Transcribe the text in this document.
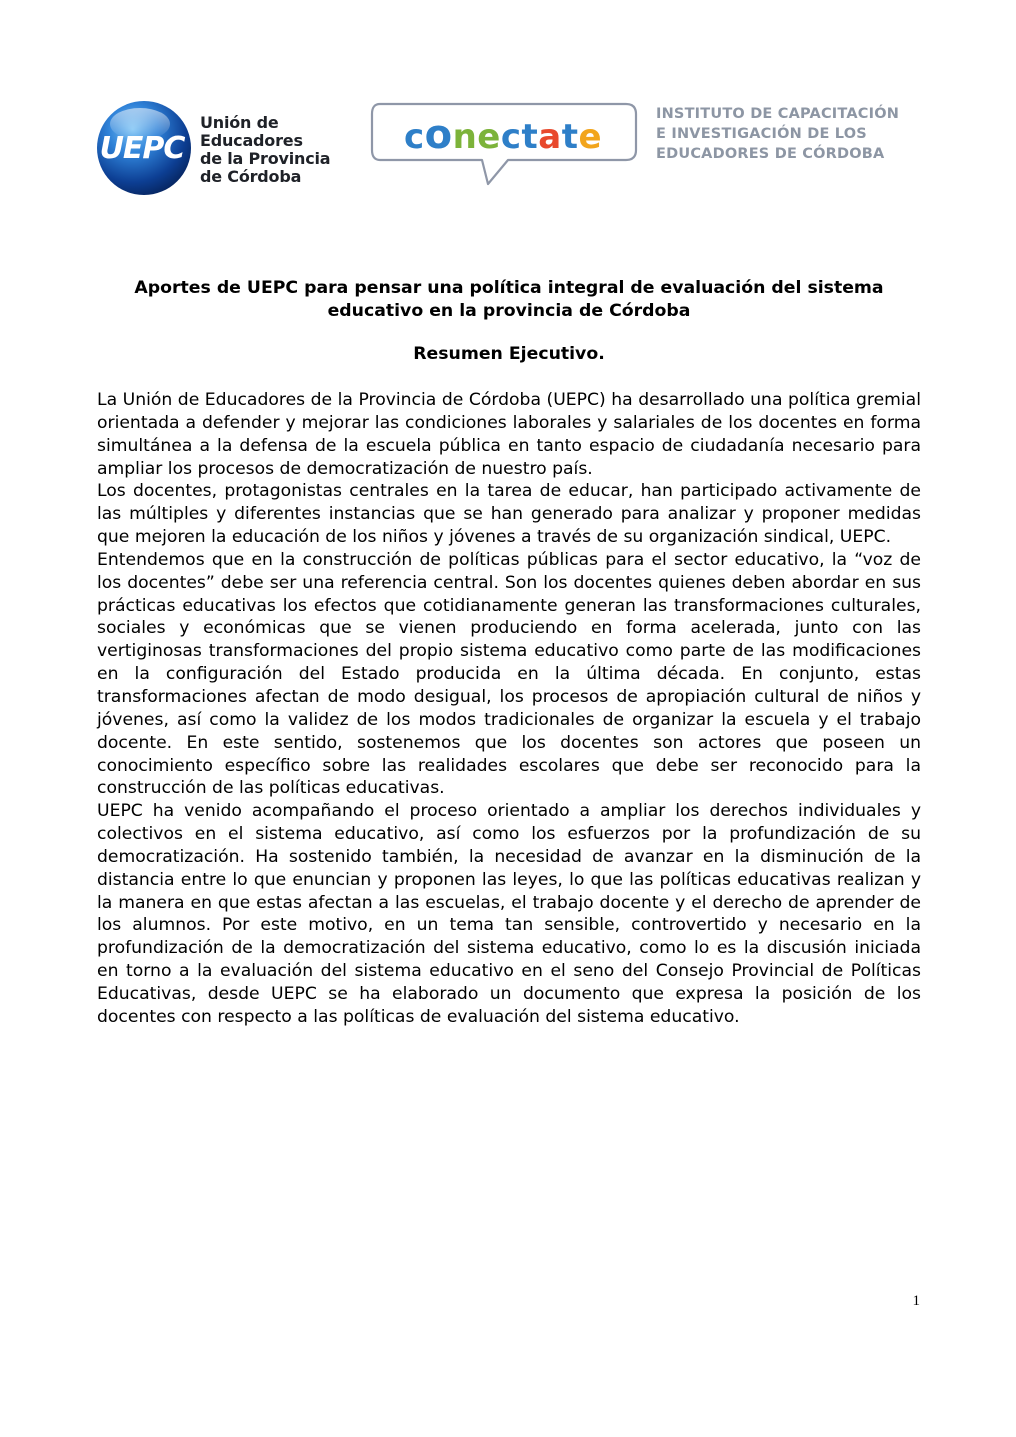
UEPC
Unión de
Educadores
de la Provincia
de Córdoba
conectate
INSTITUTO DE CAPACITACIÓN
E INVESTIGACIÓN DE LOS
EDUCADORES DE CÓRDOBA
Aportes de UEPC para pensar una política integral de evaluación del sistema educativo en la provincia de Córdoba
Resumen Ejecutivo.

La Unión de Educadores de la Provincia de Córdoba (UEPC) ha desarrollado una política gremial orientada a defender y mejorar las condiciones laborales y salariales de los docentes en forma simultánea a la defensa de la escuela pública en tanto espacio de ciudadanía necesario para ampliar los procesos de democratización de nuestro país.

Los docentes, protagonistas centrales en la tarea de educar, han participado activamente de las múltiples y diferentes instancias que se han generado para analizar y proponer medidas que mejoren la educación de los niños y jóvenes a través de su organización sindical, UEPC.

Entendemos que en la construcción de políticas públicas para el sector educativo, la “voz de los docentes” debe ser una referencia central. Son los docentes quienes deben abordar en sus prácticas educativas los efectos que cotidianamente generan las transformaciones culturales, sociales y económicas que se vienen produciendo en forma acelerada, junto con las vertiginosas transformaciones del propio sistema educativo como parte de las modificaciones en la configuración del Estado producida en la última década. En conjunto, estas transformaciones afectan de modo desigual, los procesos de apropiación cultural de niños y jóvenes, así como la validez de los modos tradicionales de organizar la escuela y el trabajo docente. En este sentido, sostenemos que los docentes son actores que poseen un conocimiento específico sobre las realidades escolares que debe ser reconocido para la construcción de las políticas educativas.

UEPC ha venido acompañando el proceso orientado a ampliar los derechos individuales y colectivos en el sistema educativo, así como los esfuerzos por la profundización de su democratización. Ha sostenido también, la necesidad de avanzar en la disminución de la distancia entre lo que enuncian y proponen las leyes, lo que las políticas educativas realizan y la manera en que estas afectan a las escuelas, el trabajo docente y el derecho de aprender de los alumnos. Por este motivo, en un tema tan sensible, controvertido y necesario en la profundización de la democratización del sistema educativo, como lo es la discusión iniciada en torno a la evaluación del sistema educativo en el seno del Consejo Provincial de Políticas Educativas, desde UEPC se ha elaborado un documento que expresa la posición de los docentes con respecto a las políticas de evaluación del sistema educativo.

1
